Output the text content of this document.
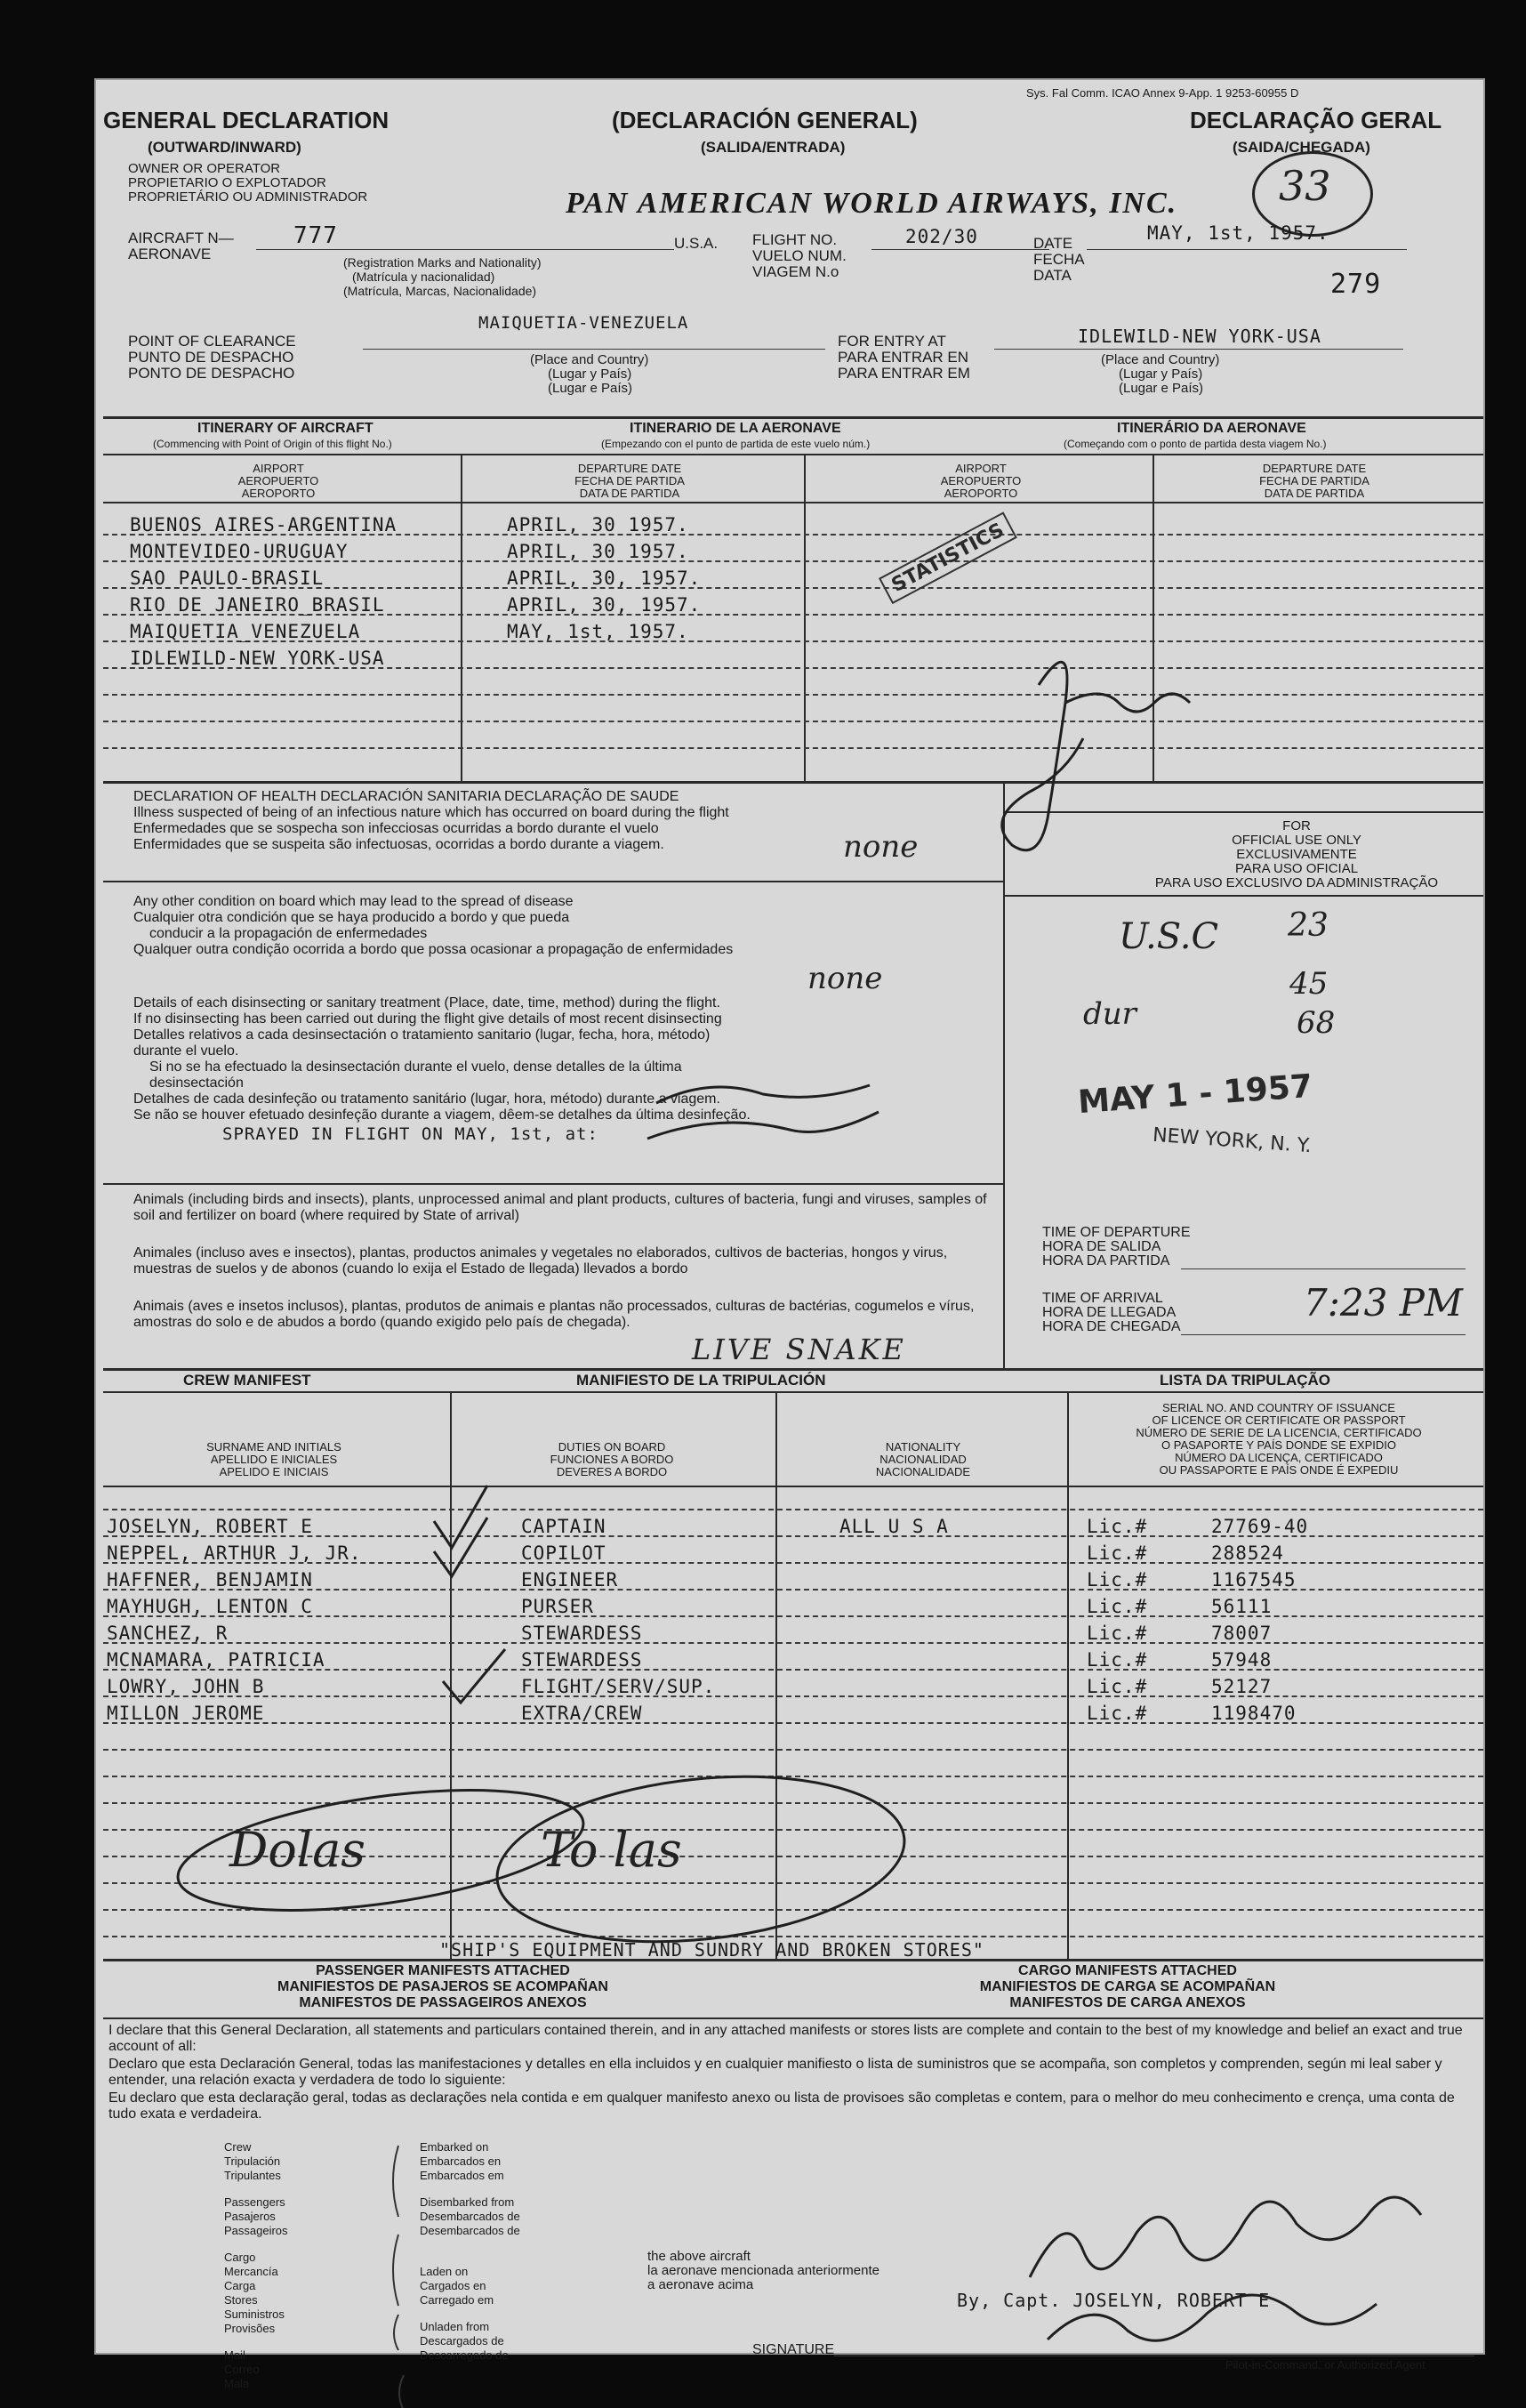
Sys. Fal Comm. ICAO Annex 9-App. 1 9253-60955 D
GENERAL DECLARATION	(DECLARACIÓN GENERAL)	DECLARAÇÃO GERAL
(OUTWARD/INWARD)	(SALIDA/ENTRADA)	(SAIDA/CHEGADA)
33
OWNER OR OPERATOR
PROPIETARIO O EXPLOTADOR
PROPRIETÁRIO OU ADMINISTRADOR	PAN AMERICAN WORLD AIRWAYS, INC.
AIRCRAFT N—
AERONAVE
777	U.S.A.
(Registration Marks and Nationality)
(Matrícula y nacionalidad)
(Matrícula, Marcas, Nacionalidade)
FLIGHT NO.
VUELO NUM.
VIAGEM N.o
202/30	DATE
FECHA
DATA
MAY, 1st, 1957.
279
MAIQUETIA-VENEZUELA
POINT OF CLEARANCE
PUNTO DE DESPACHO
PONTO DE DESPACHO
(Place and Country)
(Lugar y País)
(Lugar e País)
FOR ENTRY AT
PARA ENTRAR EN
PARA ENTRAR EM
IDLEWILD-NEW YORK-USA
(Place and Country)
(Lugar y País)
(Lugar e País)
ITINERARY OF AIRCRAFT
(Commencing with Point of Origin of this flight No.)
ITINERARIO DE LA AERONAVE
(Empezando con el punto de partida de este vuelo núm.)
ITINERÁRIO DA AERONAVE
(Começando com o ponto de partida desta viagem No.)
AIRPORT
AEROPUERTO
AEROPORTO
DEPARTURE DATE
FECHA DE PARTIDA
DATA DE PARTIDA
AIRPORT
AEROPUERTO
AEROPORTO
DEPARTURE DATE
FECHA DE PARTIDA
DATA DE PARTIDA
BUENOS AIRES-ARGENTINA	APRIL, 30 1957.
MONTEVIDEO-URUGUAY	APRIL, 30 1957.
SAO PAULO-BRASIL	APRIL, 30, 1957.
RIO DE JANEIRO_BRASIL	APRIL, 30, 1957.
MAIQUETIA_VENEZUELA	MAY, 1st, 1957.
IDLEWILD-NEW YORK-USA
STATISTICS
DECLARATION OF HEALTH DECLARACIÓN SANITARIA DECLARAÇÃO DE SAUDE
Illness suspected of being of an infectious nature which has occurred on board during the flight
Enfermedades que se sospecha son infecciosas ocurridas a bordo durante el vuelo
Enfermidades que se suspeita são infectuosas, ocorridas a bordo durante a viagem.	none
Any other condition on board which may lead to the spread of disease
Cualquier otra condición que se haya producido a bordo y que pueda
conducir a la propagación de enfermedades
Qualquer outra condição ocorrida a bordo que possa ocasionar a propagação de enfermidades
none
Details of each disinsecting or sanitary treatment (Place, date, time, method) during the flight.
If no disinsecting has been carried out during the flight give details of most recent disinsecting
Detalles relativos a cada desinsectación o tratamiento sanitario (lugar, fecha, hora, método)
durante el vuelo.
Si no se ha efectuado la desinsectación durante el vuelo, dense detalles de la última
desinsectación
Detalhes de cada desinfeção ou tratamento sanitário (lugar, hora, método) durante a viagem.
Se não se houver efetuado desinfeção durante a viagem, dêem-se detalhes da última desinfeção.
SPRAYED IN FLIGHT ON MAY, 1st, at:
FOR
OFFICIAL USE ONLY
EXCLUSIVAMENTE
PARA USO OFICIAL
PARA USO EXCLUSIVO DA ADMINISTRAÇÃO
U.S.C 23
45
68
dur
MAY 1 - 1957
NEW YORK, N. Y.
Animals (including birds and insects), plants, unprocessed animal and plant products, cultures of bacteria, fungi and viruses, samples of soil and fertilizer on board (where required by State of arrival)
Animales (incluso aves e insectos), plantas, productos animales y vegetales no elaborados, cultivos de bacterias, hongos y virus, muestras de suelos y de abonos (cuando lo exija el Estado de llegada) llevados a bordo
Animais (aves e insetos inclusos), plantas, produtos de animais e plantas não processados, culturas de bactérias, cogumelos e vírus, amostras do solo e de abudos a bordo (quando exigido pelo país de chegada).
LIVE SNAKE
TIME OF DEPARTURE
HORA DE SALIDA
HORA DA PARTIDA
TIME OF ARRIVAL
HORA DE LLEGADA
HORA DE CHEGADA
7:23 PM
CREW MANIFEST	MANIFIESTO DE LA TRIPULACIÓN	LISTA DA TRIPULAÇÃO
SURNAME AND INITIALS
APELLIDO E INICIALES
APELIDO E INICIAIS
DUTIES ON BOARD
FUNCIONES A BORDO
DEVERES A BORDO
NATIONALITY
NACIONALIDAD
NACIONALIDADE
SERIAL NO. AND COUNTRY OF ISSUANCE
OF LICENCE OR CERTIFICATE OR PASSPORT
NÚMERO DE SERIE DE LA LICENCIA, CERTIFICADO
O PASAPORTE Y PAÍS DONDE SE EXPIDIO
NÚMERO DA LICENÇA, CERTIFICADO
OU PASSAPORTE E PAÍS ONDE É EXPEDIU
JOSELYN, ROBERT E	CAPTAIN	ALL U S A	Lic.#	27769-40
NEPPEL, ARTHUR J, JR.	COPILOT	Lic.#	288524
HAFFNER, BENJAMIN	ENGINEER	Lic.#	1167545
MAYHUGH, LENTON C	PURSER	Lic.#	56111
SANCHEZ, R	STEWARDESS	Lic.#	78007
MCNAMARA, PATRICIA	STEWARDESS	Lic.#	57948
LOWRY, JOHN B	FLIGHT/SERV/SUP.	Lic.#	52127
MILLON JEROME	EXTRA/CREW	Lic.#	1198470
Dolas	To las
"SHIP'S EQUIPMENT AND SUNDRY AND BROKEN STORES"
PASSENGER MANIFESTS ATTACHED
MANIFIESTOS DE PASAJEROS SE ACOMPAÑAN
MANIFESTOS DE PASSAGEIROS ANEXOS
CARGO MANIFESTS ATTACHED
MANIFIESTOS DE CARGA SE ACOMPAÑAN
MANIFESTOS DE CARGA ANEXOS
I declare that this General Declaration, all statements and particulars contained therein, and in any attached manifests or stores lists are complete and contain to the best of my knowledge and belief an exact and true account of all:
Declaro que esta Declaración General, todas las manifestaciones y detalles en ella incluidos y en cualquier manifiesto o lista de suministros que se acompaña, son completos y comprenden, según mi leal saber y entender, una relación exacta y verdadera de todo lo siguiente:
Eu declaro que esta declaração geral, todas as declarações nela contida e em qualquer manifesto anexo ou lista de provisoes são completas e contem, para o melhor do meu conhecimento e crença, uma conta de tudo exata e verdadeira.
Crew
Tripulación
Tripulantes
Passengers
Pasajeros
Passageiros
Cargo
Mercancía
Carga
Stores
Suministros
Provisões
Mail
Correo
Mala
Embarked on
Embarcados en
Embarcados em
Disembarked from
Desembarcados de
Desembarcados de
Laden on
Cargados en
Carregado em
Unladen from
Descargados de
Descarregado de
the above aircraft
la aeronave mencionada anteriormente
a aeronave acima
By, Capt. JOSELYN, ROBERT E
SIGNATURE
Pilot-in-Command, or Authorized Agent
